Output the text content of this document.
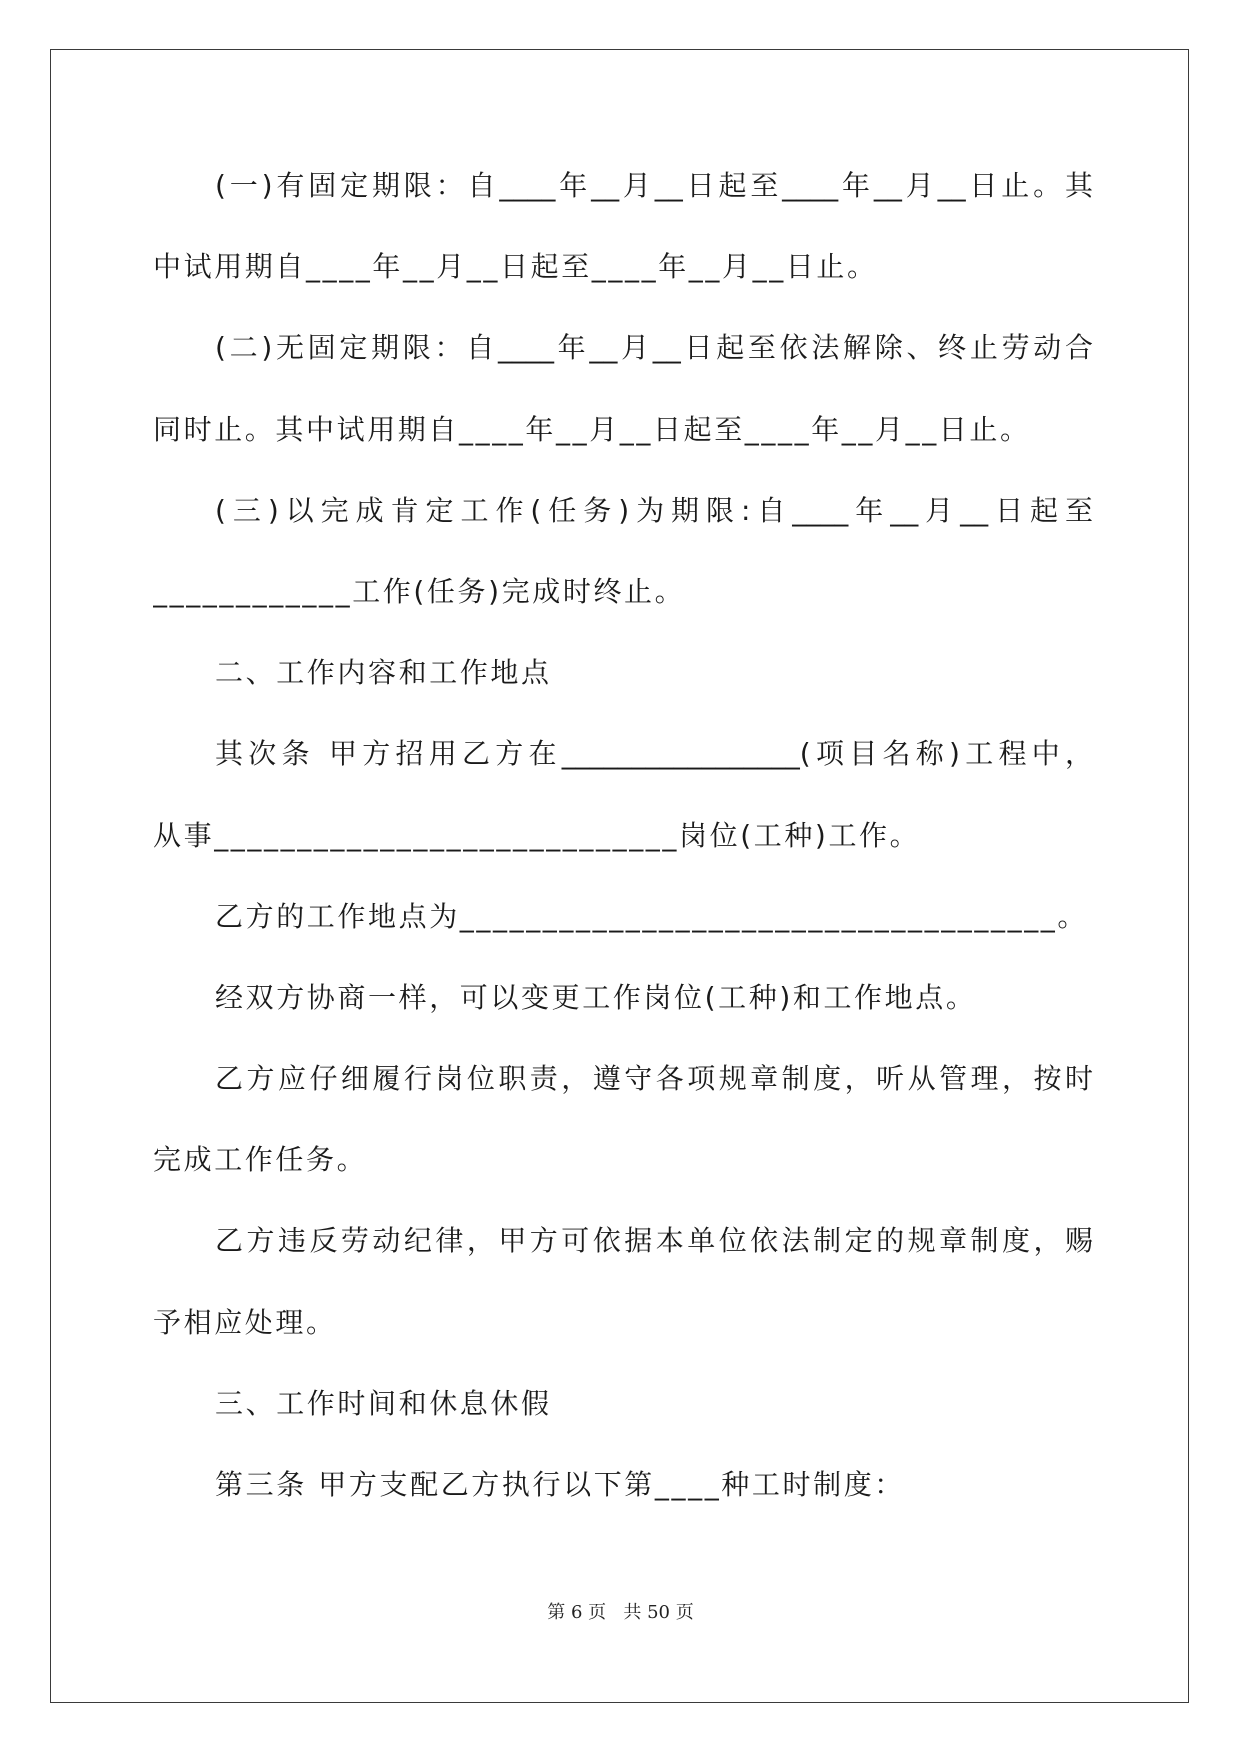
(一)有固定期限：自____年__月__日起至____年__月__日止。其
中试用期自____年__月__日起至____年__月__日止。
(二)无固定期限：自____年__月__日起至依法解除、终止劳动合
同时止。其中试用期自____年__月__日起至____年__月__日止。
(三)以完成肯定工作(任务)为期限:自____年__月__日起至
____________工作(任务)完成时终止。
二、工作内容和工作地点
其次条 甲方招用乙方在_________________(项目名称)工程中，
从事____________________________岗位(工种)工作。
乙方的工作地点为____________________________________。
经双方协商一样，可以变更工作岗位(工种)和工作地点。
乙方应仔细履行岗位职责，遵守各项规章制度，听从管理，按时
完成工作任务。
乙方违反劳动纪律，甲方可依据本单位依法制定的规章制度，赐
予相应处理。
三、工作时间和休息休假
第三条 甲方支配乙方执行以下第____种工时制度：
第 6 页   共 50 页
